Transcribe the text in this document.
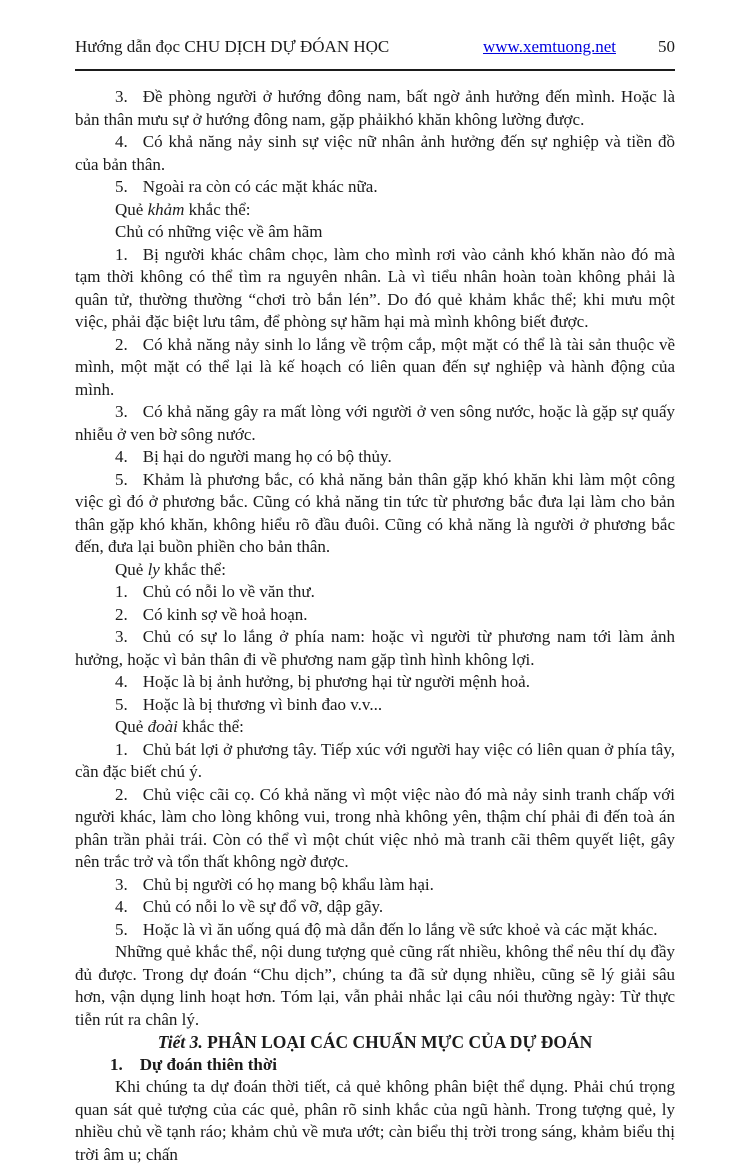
Hướng dẫn đọc CHU DỊCH DỰ ĐÓAN HỌC	www.xemtuong.net 50

3. Đề phòng người ở hướng đông nam, bất ngờ ảnh hưởng đến mình. Hoặc là bản thân mưu sự ở hướng đông nam, gặp phảikhó khăn không lường được.

4. Có khả năng nảy sinh sự việc nữ nhân ảnh hưởng đến sự nghiệp và tiền đồ của bản thân.

5. Ngoài ra còn có các mặt khác nữa.

Quẻ khảm khắc thể:

Chủ có những việc về âm hãm

1. Bị người khác châm chọc, làm cho mình rơi vào cảnh khó khăn nào đó mà tạm thời không có thể tìm ra nguyên nhân. Là vì tiểu nhân hoàn toàn không phải là quân tử, thường thường “chơi trò bắn lén”. Do đó quẻ khảm khắc thể; khi mưu một việc, phải đặc biệt lưu tâm, để phòng sự hãm hại mà mình không biết được.

2. Có khả năng nảy sinh lo lắng về trộm cắp, một mặt có thể là tài sản thuộc về mình, một mặt có thể lại là kế hoạch có liên quan đến sự nghiệp và hành động của mình.

3. Có khả năng gây ra mất lòng với người ở ven sông nước, hoặc là gặp sự quấy nhiễu ở ven bờ sông nước.

4. Bị hại do người mang họ có bộ thủy.

5. Khảm là phương bắc, có khả năng bản thân gặp khó khăn khi làm một công việc gì đó ở phương bắc. Cũng có khả năng tin tức từ phương bắc đưa lại làm cho bản thân gặp khó khăn, không hiểu rõ đầu đuôi. Cũng có khả năng là người ở phương bắc đến, đưa lại buồn phiền cho bản thân.

Quẻ ly khắc thể:

1. Chủ có nỗi lo về văn thư.

2. Có kinh sợ về hoả hoạn.

3. Chủ có sự lo lắng ở phía nam: hoặc vì người từ phương nam tới làm ảnh hưởng, hoặc vì bản thân đi về phương nam gặp tình hình không lợi.

4. Hoặc là bị ảnh hưởng, bị phương hại từ người mệnh hoả.

5. Hoặc là bị thương vì binh đao v.v...

Quẻ đoài khắc thể:

1. Chủ bát lợi ở phương tây. Tiếp xúc với người hay việc có liên quan ở phía tây, cần đặc biết chú ý.

2. Chủ việc cãi cọ. Có khả năng vì một việc nào đó mà nảy sinh tranh chấp với người khác, làm cho lòng không vui, trong nhà không yên, thậm chí phải đi đến toà án phân trần phải trái. Còn có thể vì một chút việc nhỏ mà tranh cãi thêm quyết liệt, gây nên trắc trở và tổn thất không ngờ được.

3. Chủ bị người có họ mang bộ khẩu làm hại.

4. Chủ có nỗi lo về sự đổ vỡ, dập gãy.

5. Hoặc là vì ăn uống quá độ mà dẫn đến lo lắng về sức khoẻ và các mặt khác.

Những quẻ khắc thể, nội dung tượng quẻ cũng rất nhiều, không thể nêu thí dụ đầy đủ được. Trong dự đoán “Chu dịch”, chúng ta đã sử dụng nhiều, cũng sẽ lý giải sâu hơn, vận dụng linh hoạt hơn. Tóm lại, vẫn phải nhắc lại câu nói thường ngày: Từ thực tiễn rút ra chân lý.

Tiết 3. PHÂN LOẠI CÁC CHUẨN MỰC CỦA DỰ ĐOÁN

1. Dự đoán thiên thời

Khi chúng ta dự đoán thời tiết, cả quẻ không phân biệt thể dụng. Phải chú trọng quan sát quẻ tượng của các quẻ, phân rõ sinh khắc của ngũ hành. Trong tượng quẻ, ly nhiều chủ về tạnh ráo; khảm chủ về mưa ướt; càn biểu thị trời trong sáng, khảm biểu thị trời âm u; chấn
